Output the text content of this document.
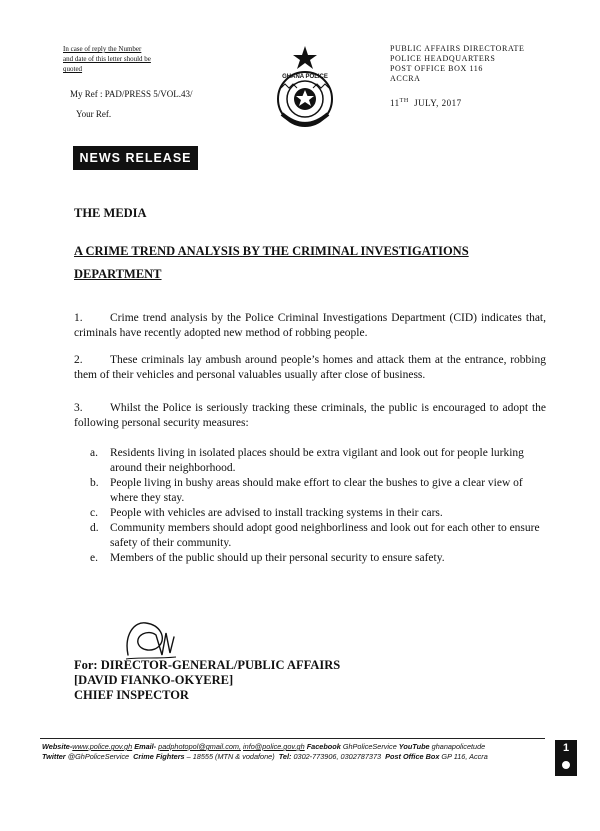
In case of reply the Number and date of this letter should be quoted
My Ref : PAD/PRESS 5/VOL.43/
Your Ref.
GHANA POLICE
PUBLIC AFFAIRS DIRECTORATE
POLICE HEADQUARTERS
POST OFFICE BOX 116
ACCRA
11TH JULY, 2017
NEWS RELEASE
THE MEDIA
A CRIME TREND ANALYSIS BY THE CRIMINAL INVESTIGATIONS DEPARTMENT
1. Crime trend analysis by the Police Criminal Investigations Department (CID) indicates that, criminals have recently adopted new method of robbing people.
2. These criminals lay ambush around people’s homes and attack them at the entrance, robbing them of their vehicles and personal valuables usually after close of business.
3. Whilst the Police is seriously tracking these criminals, the public is encouraged to adopt the following personal security measures:
a.	Residents living in isolated places should be extra vigilant and look out for people lurking around their neighborhood.
b. People living in bushy areas should make effort to clear the bushes to give a clear view of where they stay.
c.	People with vehicles are advised to install tracking systems in their cars.
d. Community members should adopt good neighborliness and look out for each other to ensure safety of their community.
e.	Members of the public should up their personal security to ensure safety.
For: DIRECTOR-GENERAL/PUBLIC AFFAIRS
[DAVID FIANKO-OKYERE]
CHIEF INSPECTOR
Website-www.police.gov.gh Email- padphotopol@gmail.com, info@police.gov.gh Facebook GhPoliceService YouTube ghanapolicetude
Twitter @GhPoliceService Crime Fighters – 18555 (MTN & vodafone) Tel: 0302-773906, 0302787373 Post Office Box GP 116, Accra
1
